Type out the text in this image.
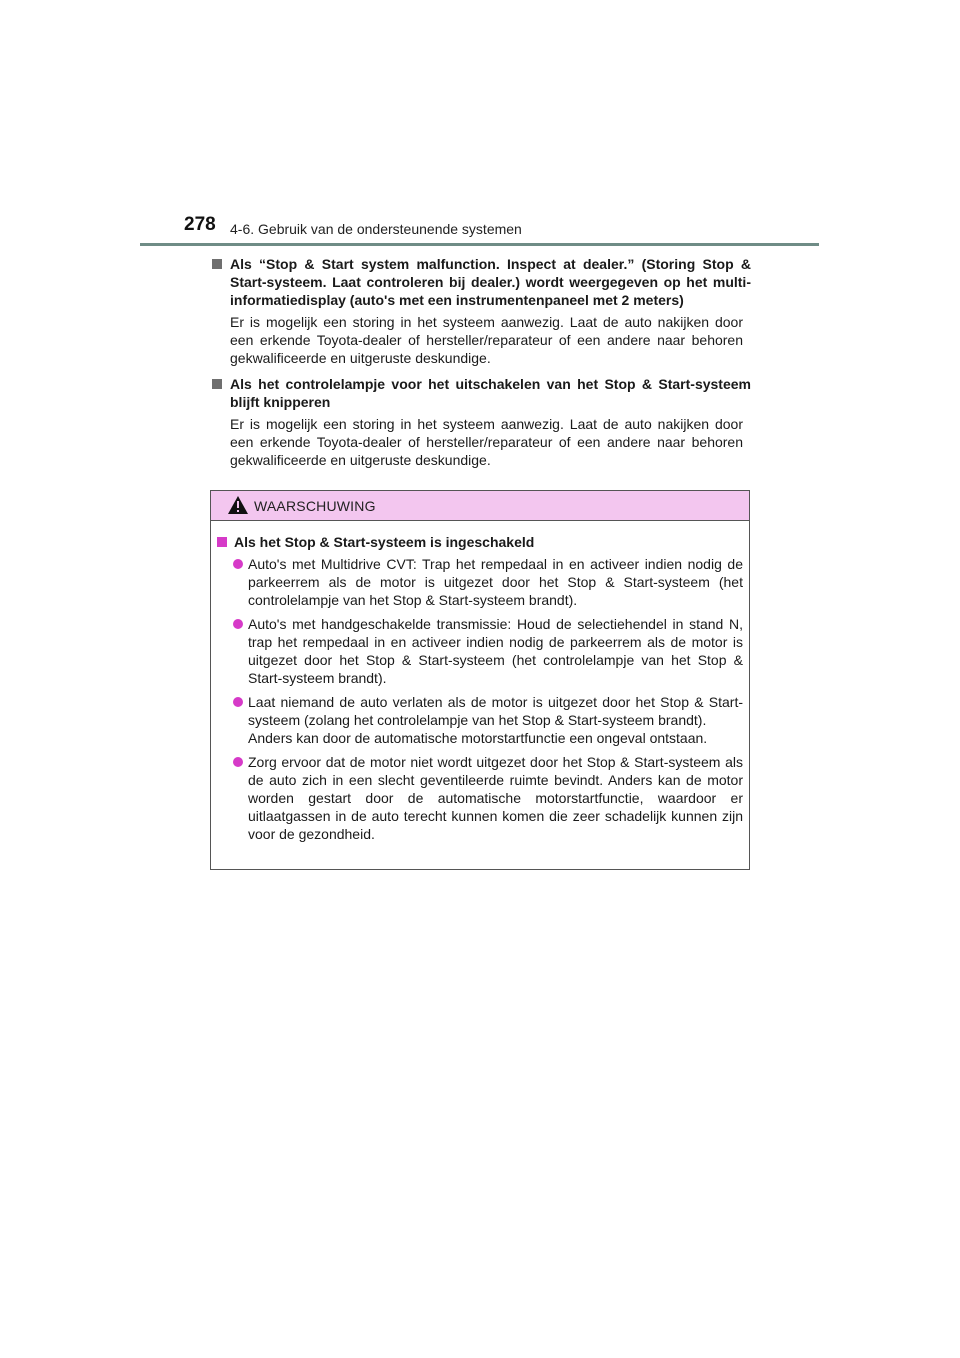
278 4-6. Gebruik van de ondersteunende systemen
Als “Stop & Start system malfunction. Inspect at dealer.” (Storing Stop & Start-systeem. Laat controleren bij dealer.) wordt weergegeven op het multi-informatiedisplay (auto's met een instrumentenpaneel met 2 meters)
Er is mogelijk een storing in het systeem aanwezig. Laat de auto nakijken door een erkende Toyota-dealer of hersteller/reparateur of een andere naar behoren gekwalificeerde en uitgeruste deskundige.
Als het controlelampje voor het uitschakelen van het Stop & Start-systeem blijft knipperen
Er is mogelijk een storing in het systeem aanwezig. Laat de auto nakijken door een erkende Toyota-dealer of hersteller/reparateur of een andere naar behoren gekwalificeerde en uitgeruste deskundige.
WAARSCHUWING
Als het Stop & Start-systeem is ingeschakeld
Auto's met Multidrive CVT: Trap het rempedaal in en activeer indien nodig de parkeerrem als de motor is uitgezet door het Stop & Start-systeem (het controlelampje van het Stop & Start-systeem brandt).
Auto's met handgeschakelde transmissie: Houd de selectiehendel in stand N, trap het rempedaal in en activeer indien nodig de parkeerrem als de motor is uitgezet door het Stop & Start-systeem (het controlelampje van het Stop & Start-systeem brandt).
Laat niemand de auto verlaten als de motor is uitgezet door het Stop & Start-systeem (zolang het controlelampje van het Stop & Start-systeem brandt).
Anders kan door de automatische motorstartfunctie een ongeval ontstaan.
Zorg ervoor dat de motor niet wordt uitgezet door het Stop & Start-systeem als de auto zich in een slecht geventileerde ruimte bevindt. Anders kan de motor worden gestart door de automatische motorstartfunctie, waardoor er uitlaatgassen in de auto terecht kunnen komen die zeer schadelijk kunnen zijn voor de gezondheid.
